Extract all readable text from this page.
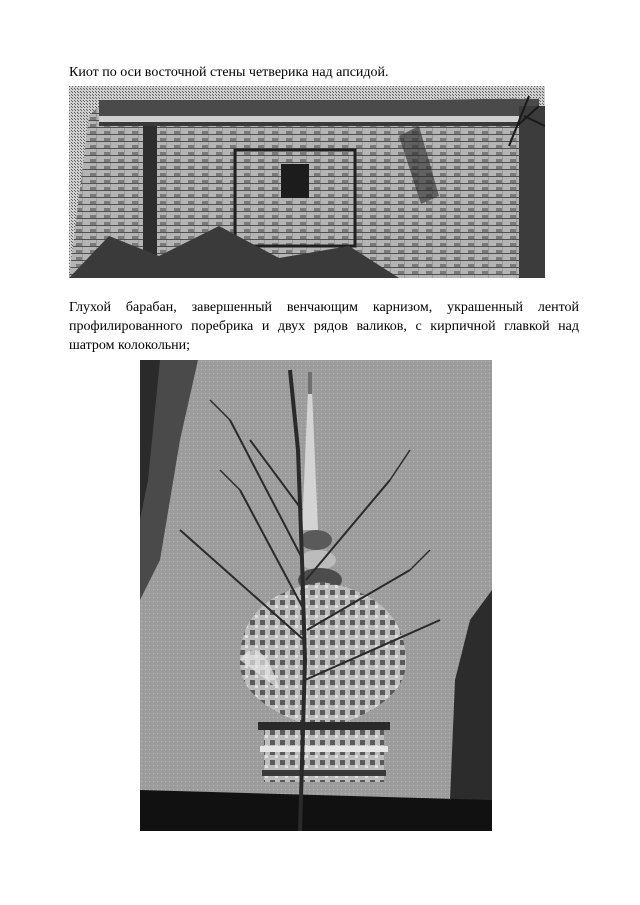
Киот по оси восточной стены четверика над апсидой.
Глухой барабан, завершенный венчающим карнизом, украшенный лентой профилированного поребрика и двух рядов валиков, с кирпичной главкой над шатром колокольни;
